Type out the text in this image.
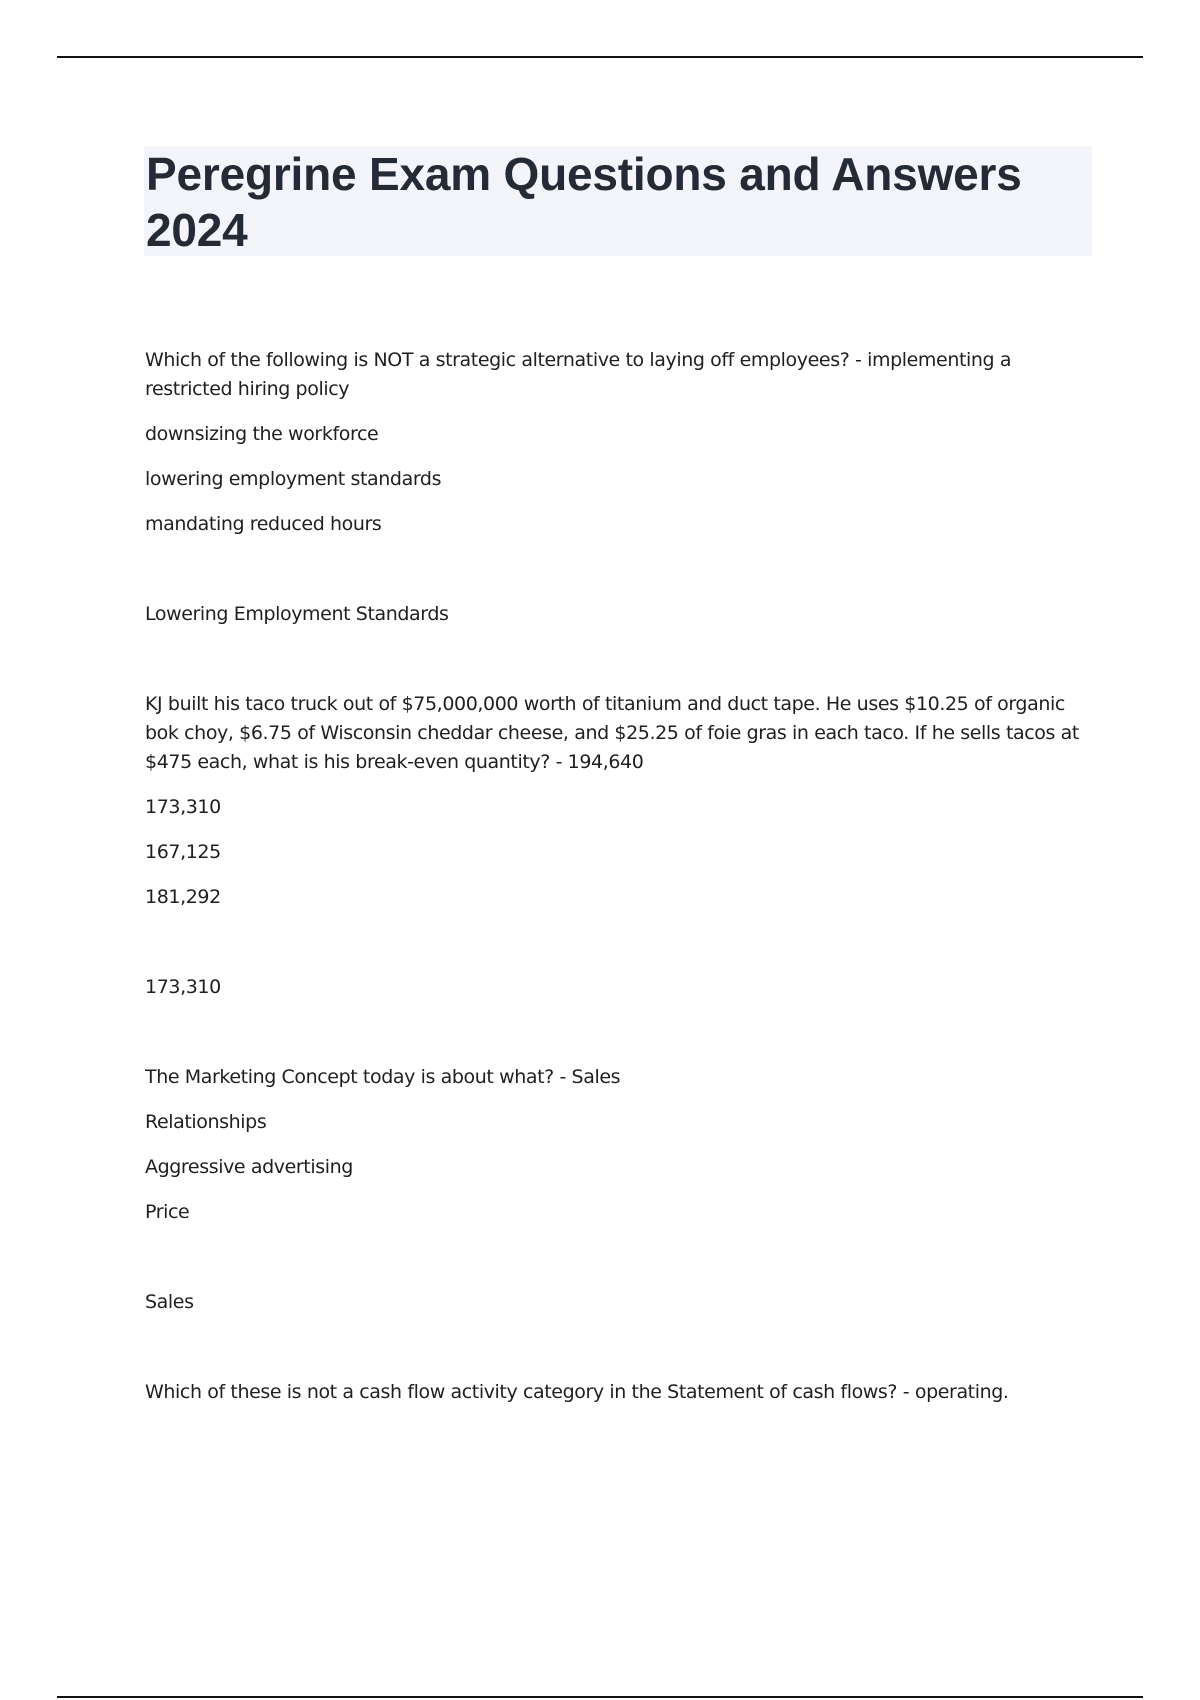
Peregrine Exam Questions and Answers 2024

Which of the following is NOT a strategic alternative to laying off employees? - implementing a restricted hiring policy

downsizing the workforce

lowering employment standards

mandating reduced hours

Lowering Employment Standards

KJ built his taco truck out of $75,000,000 worth of titanium and duct tape. He uses $10.25 of organic bok choy, $6.75 of Wisconsin cheddar cheese, and $25.25 of foie gras in each taco. If he sells tacos at $475 each, what is his break-even quantity? - 194,640

173,310

167,125

181,292

173,310

The Marketing Concept today is about what? - Sales

Relationships

Aggressive advertising

Price

Sales

Which of these is not a cash flow activity category in the Statement of cash flows? - operating.
